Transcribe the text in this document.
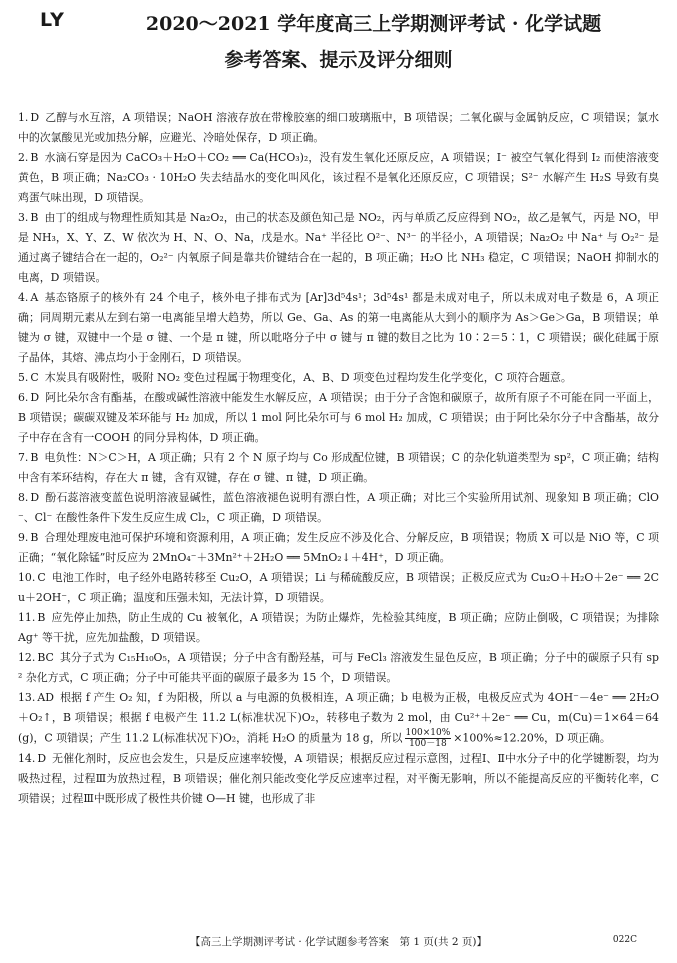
LY	2020～2021 学年度高三上学期测评考试 · 化学试题
参考答案、提示及评分细则
1. D 乙醇与水互溶，A 项错误；NaOH 溶液存放在带橡胶塞的细口玻璃瓶中，B 项错误；二氧化碳与金属钠反应，C 项错误；氯水中的次氯酸见光或加热分解，应避光、冷暗处保存，D 项正确。
2. B 水滴石穿是因为 CaCO₃＋H₂O＋CO₂ ══ Ca(HCO₃)₂，没有发生氧化还原反应，A 项错误；I⁻ 被空气氧化得到 I₂ 而使溶液变黄色，B 项正确；Na₂CO₃ · 10H₂O 失去结晶水的变化叫风化，该过程不是氧化还原反应，C 项错误；S²⁻ 水解产生 H₂S 导致有臭鸡蛋气味出现，D 项错误。
3. B 由丁的组成与物理性质知其是 Na₂O₂，由己的状态及颜色知己是 NO₂，丙与单质乙反应得到 NO₂，故乙是氧气，丙是 NO，甲是 NH₃，X、Y、Z、W 依次为 H、N、O、Na，戊是水。Na⁺ 半径比 O²⁻、N³⁻ 的半径小，A 项错误；Na₂O₂ 中 Na⁺ 与 O₂²⁻ 是通过离子键结合在一起的，O₂²⁻ 内氧原子间是靠共价键结合在一起的，B 项正确；H₂O 比 NH₃ 稳定，C 项错误；NaOH 抑制水的电离，D 项错误。
4. A 基态铬原子的核外有 24 个电子，核外电子排布式为 [Ar]3d⁵4s¹；3d⁵4s¹ 都是未成对电子，所以未成对电子数是 6，A 项正确；同周期元素从左到右第一电离能呈增大趋势，所以 Ge、Ga、As 的第一电离能从大到小的顺序为 As＞Ge＞Ga，B 项错误；单键为 σ 键，双键中一个是 σ 键、一个是 π 键，所以吡咯分子中 σ 键与 π 键的数目之比为 10∶2＝5∶1，C 项错误；碳化硅属于原子晶体，其熔、沸点均小于金刚石，D 项错误。
5. C 木炭具有吸附性，吸附 NO₂ 变色过程属于物理变化，A、B、D 项变色过程均发生化学变化，C 项符合题意。
6. D 阿比朵尔含有酯基，在酸或碱性溶液中能发生水解反应，A 项错误；由于分子含饱和碳原子，故所有原子不可能在同一平面上，B 项错误；碳碳双键及苯环能与 H₂ 加成，所以 1 mol 阿比朵尔可与 6 mol H₂ 加成，C 项错误；由于阿比朵尔分子中含酯基，故分子中存在含有一COOH 的同分异构体，D 项正确。
7. B 电负性：N＞C＞H，A 项正确；只有 2 个 N 原子均与 Co 形成配位键，B 项错误；C 的杂化轨道类型为 sp²，C 项正确；结构中含有苯环结构，存在大 π 键，含有双键，存在 σ 键、π 键，D 项正确。
8. D 酚石蕊溶液变蓝色说明溶液显碱性，蓝色溶液褪色说明有漂白性，A 项正确；对比三个实验所用试剂、现象知 B 项正确；ClO⁻、Cl⁻ 在酸性条件下发生反应生成 Cl₂，C 项正确，D 项错误。
9. B 合理处理废电池可保护环境和资源利用，A 项正确；发生反应不涉及化合、分解反应，B 项错误；物质 X 可以是 NiO 等，C 项正确；“氧化除锰”时反应为 2MnO₄⁻＋3Mn²⁺＋2H₂O ══ 5MnO₂↓＋4H⁺，D 项正确。
10. C 电池工作时，电子经外电路转移至 Cu₂O，A 项错误；Li 与稀硫酸反应，B 项错误；正极反应式为 Cu₂O＋H₂O＋2e⁻ ══ 2Cu＋2OH⁻，C 项正确；温度和压强未知，无法计算，D 项错误。
11. B 应先停止加热，防止生成的 Cu 被氧化，A 项错误；为防止爆炸，先检验其纯度，B 项正确；应防止倒吸，C 项错误；为排除 Ag⁺ 等干扰，应先加盐酸，D 项错误。
12. BC 其分子式为 C₁₅H₁₀O₅，A 项错误；分子中含有酚羟基，可与 FeCl₃ 溶液发生显色反应，B 项正确；分子中的碳原子只有 sp² 杂化方式，C 项正确；分子中可能共平面的碳原子最多为 15 个，D 项错误。
13. AD 根据 f 产生 O₂ 知，f 为阳极，所以 a 与电源的负极相连，A 项正确；b 电极为正极，电极反应式为 4OH⁻－4e⁻ ══ 2H₂O＋O₂↑，B 项错误；根据 f 电极产生 11.2 L(标准状况下)O₂，转移电子数为 2 mol，由 Cu²⁺＋2e⁻ ══ Cu，m(Cu)＝1×64＝64(g)，C 项错误；产生 11.2 L(标准状况下)O₂，消耗 H₂O 的质量为 18 g，所以 $\frac{100\times 10\%}{100-18} \times 100\%\approx 12.20\%$，D 项正确。
14. D 无催化剂时，反应也会发生，只是反应速率较慢，A 项错误；根据反应过程示意图，过程Ⅰ、Ⅱ中水分子中的化学键断裂，均为吸热过程，过程Ⅲ为放热过程，B 项错误；催化剂只能改变化学反应速率过程，对平衡无影响，所以不能提高反应的平衡转化率，C 项错误；过程Ⅲ中既形成了极性共价键 O—H 键，也形成了非
【高三上学期测评考试 · 化学试题参考答案　第 1 页(共 2 页)】	022C
